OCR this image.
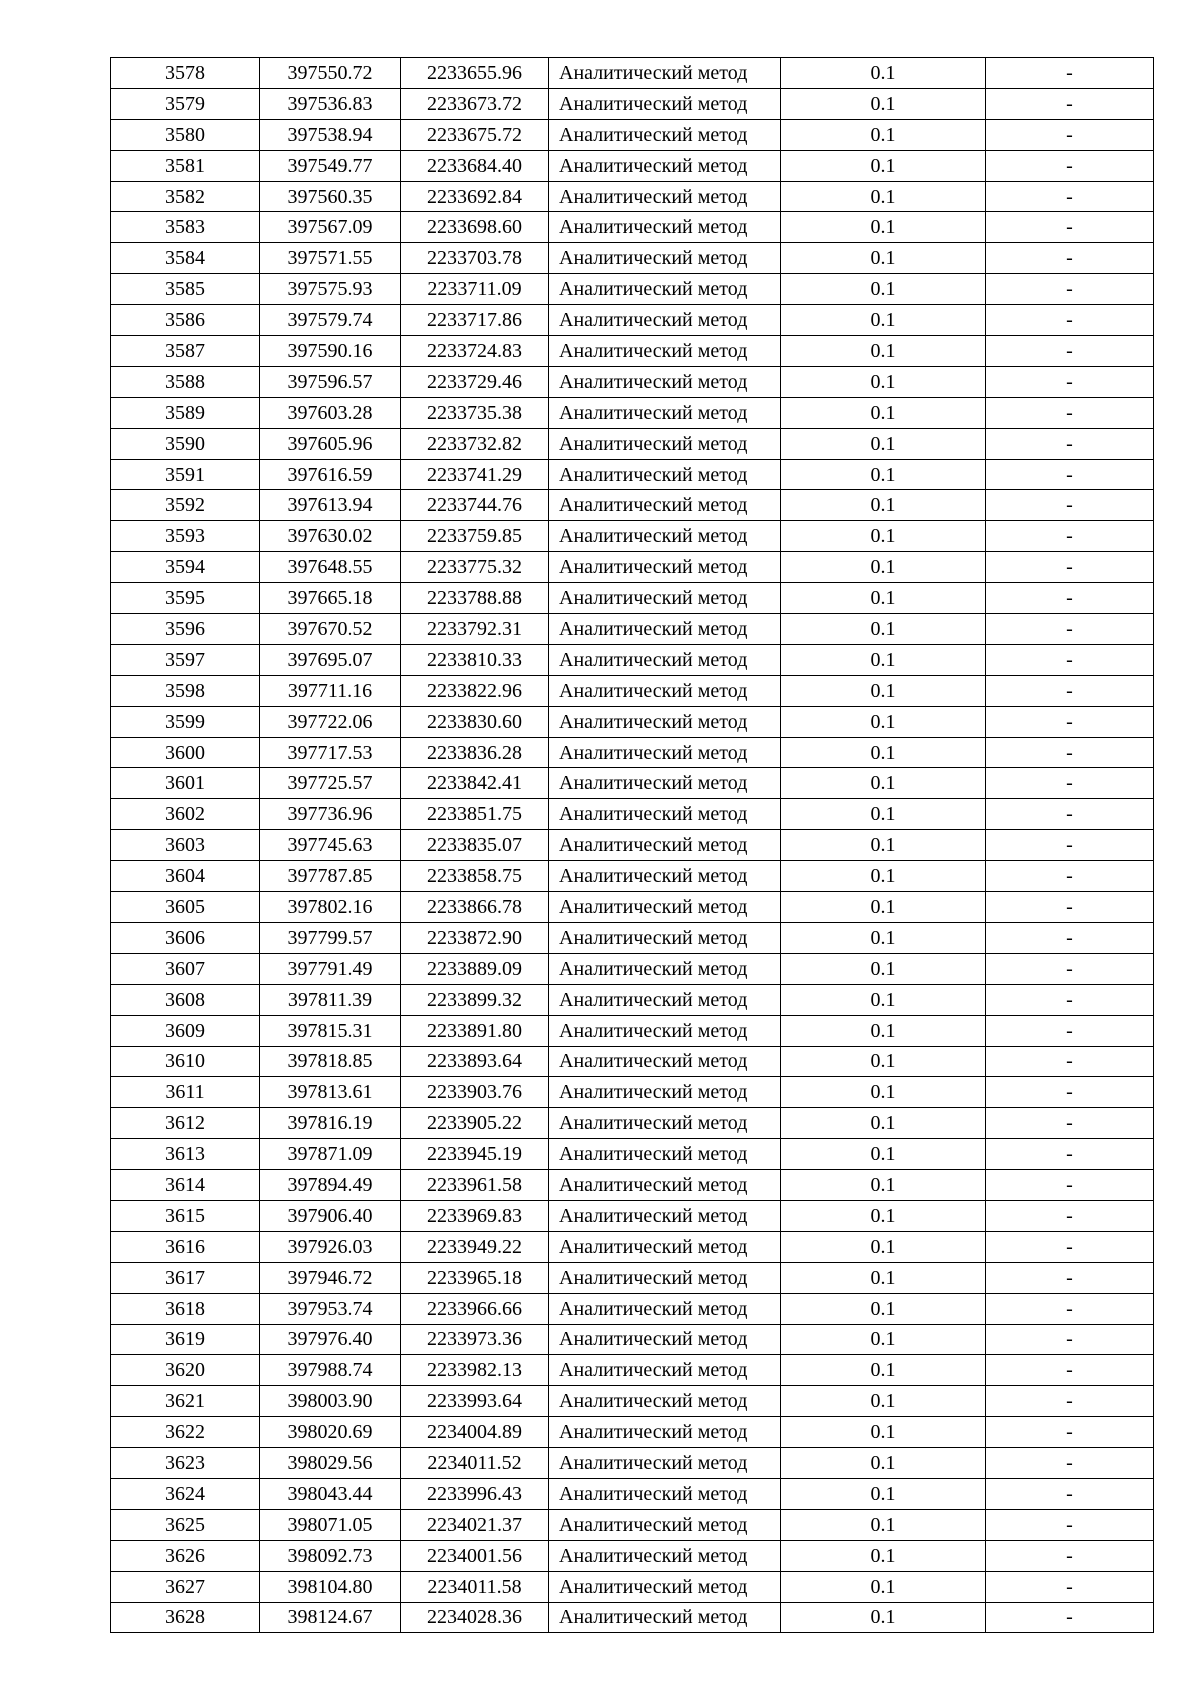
3578	397550.72	2233655.96	Аналитический метод	0.1	-
3579	397536.83	2233673.72	Аналитический метод	0.1	-
3580	397538.94	2233675.72	Аналитический метод	0.1	-
3581	397549.77	2233684.40	Аналитический метод	0.1	-
3582	397560.35	2233692.84	Аналитический метод	0.1	-
3583	397567.09	2233698.60	Аналитический метод	0.1	-
3584	397571.55	2233703.78	Аналитический метод	0.1	-
3585	397575.93	2233711.09	Аналитический метод	0.1	-
3586	397579.74	2233717.86	Аналитический метод	0.1	-
3587	397590.16	2233724.83	Аналитический метод	0.1	-
3588	397596.57	2233729.46	Аналитический метод	0.1	-
3589	397603.28	2233735.38	Аналитический метод	0.1	-
3590	397605.96	2233732.82	Аналитический метод	0.1	-
3591	397616.59	2233741.29	Аналитический метод	0.1	-
3592	397613.94	2233744.76	Аналитический метод	0.1	-
3593	397630.02	2233759.85	Аналитический метод	0.1	-
3594	397648.55	2233775.32	Аналитический метод	0.1	-
3595	397665.18	2233788.88	Аналитический метод	0.1	-
3596	397670.52	2233792.31	Аналитический метод	0.1	-
3597	397695.07	2233810.33	Аналитический метод	0.1	-
3598	397711.16	2233822.96	Аналитический метод	0.1	-
3599	397722.06	2233830.60	Аналитический метод	0.1	-
3600	397717.53	2233836.28	Аналитический метод	0.1	-
3601	397725.57	2233842.41	Аналитический метод	0.1	-
3602	397736.96	2233851.75	Аналитический метод	0.1	-
3603	397745.63	2233835.07	Аналитический метод	0.1	-
3604	397787.85	2233858.75	Аналитический метод	0.1	-
3605	397802.16	2233866.78	Аналитический метод	0.1	-
3606	397799.57	2233872.90	Аналитический метод	0.1	-
3607	397791.49	2233889.09	Аналитический метод	0.1	-
3608	397811.39	2233899.32	Аналитический метод	0.1	-
3609	397815.31	2233891.80	Аналитический метод	0.1	-
3610	397818.85	2233893.64	Аналитический метод	0.1	-
3611	397813.61	2233903.76	Аналитический метод	0.1	-
3612	397816.19	2233905.22	Аналитический метод	0.1	-
3613	397871.09	2233945.19	Аналитический метод	0.1	-
3614	397894.49	2233961.58	Аналитический метод	0.1	-
3615	397906.40	2233969.83	Аналитический метод	0.1	-
3616	397926.03	2233949.22	Аналитический метод	0.1	-
3617	397946.72	2233965.18	Аналитический метод	0.1	-
3618	397953.74	2233966.66	Аналитический метод	0.1	-
3619	397976.40	2233973.36	Аналитический метод	0.1	-
3620	397988.74	2233982.13	Аналитический метод	0.1	-
3621	398003.90	2233993.64	Аналитический метод	0.1	-
3622	398020.69	2234004.89	Аналитический метод	0.1	-
3623	398029.56	2234011.52	Аналитический метод	0.1	-
3624	398043.44	2233996.43	Аналитический метод	0.1	-
3625	398071.05	2234021.37	Аналитический метод	0.1	-
3626	398092.73	2234001.56	Аналитический метод	0.1	-
3627	398104.80	2234011.58	Аналитический метод	0.1	-
3628	398124.67	2234028.36	Аналитический метод	0.1	-
